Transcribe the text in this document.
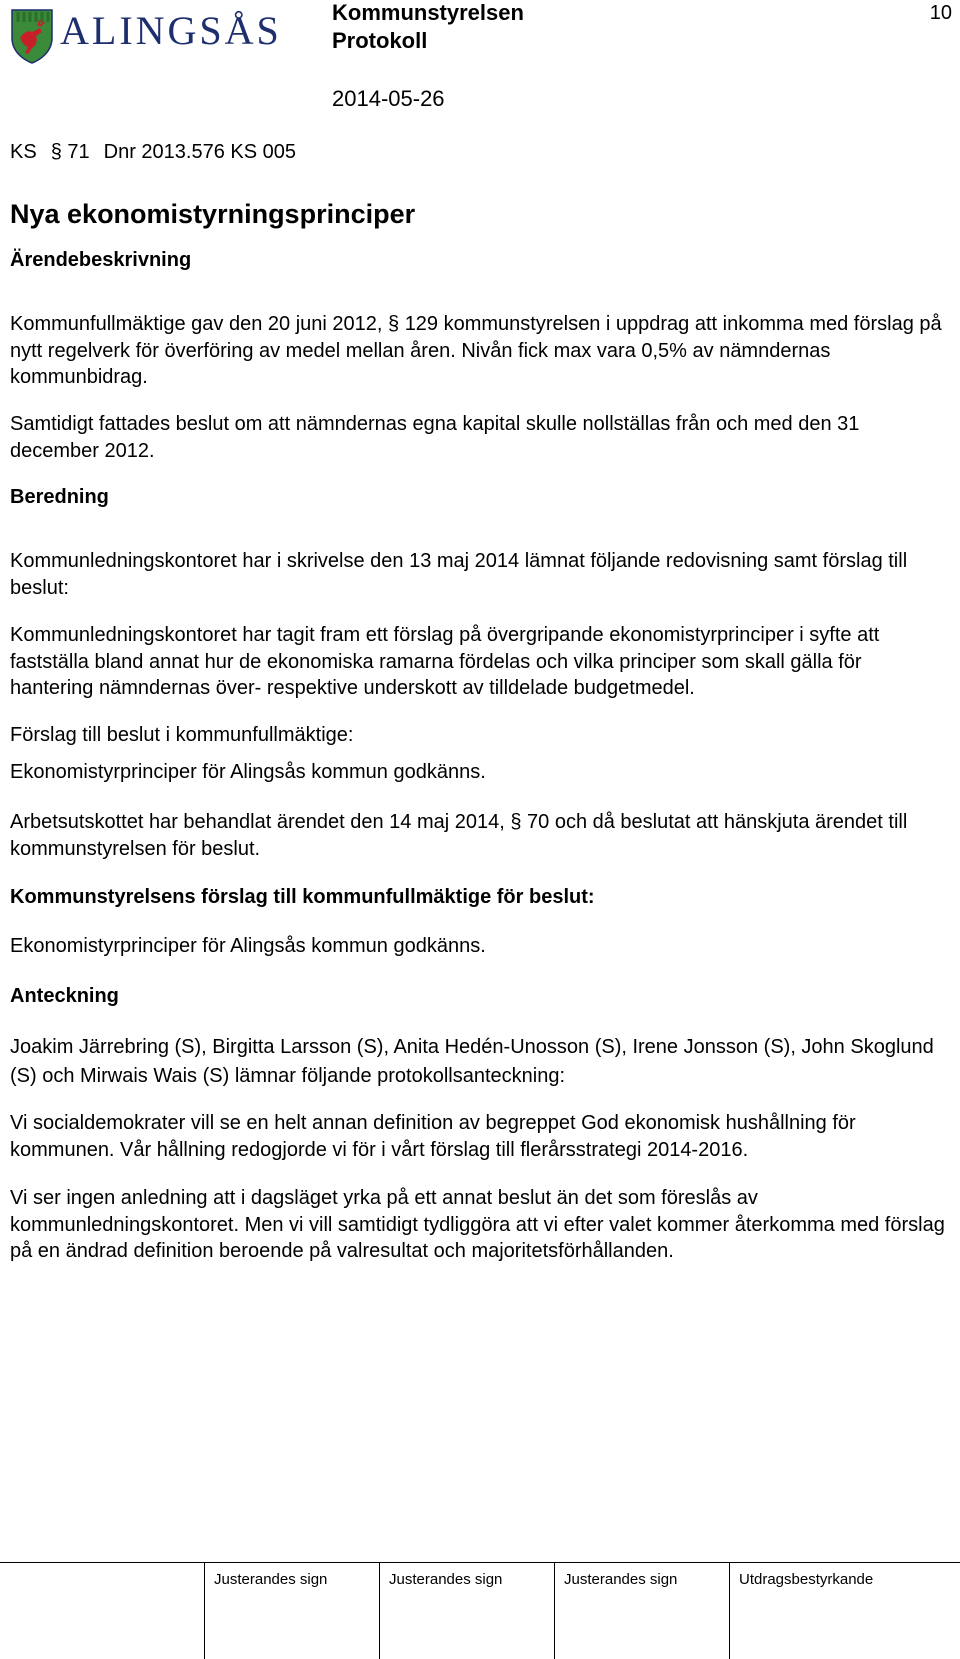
ALINGSÅS Kommunstyrelsen
Protokoll
2014-05-26
10
KS § 71 Dnr 2013.576 KS 005
Nya ekonomistyrningsprinciper
Ärendebeskrivning
Kommunfullmäktige gav den 20 juni 2012, § 129 kommunstyrelsen i uppdrag att inkomma med förslag på nytt regelverk för överföring av medel mellan åren. Nivån fick max vara 0,5% av nämndernas kommunbidrag.
Samtidigt fattades beslut om att nämndernas egna kapital skulle nollställas från och med den 31 december 2012.
Beredning
Kommunledningskontoret har i skrivelse den 13 maj 2014 lämnat följande redovisning samt förslag till beslut:
Kommunledningskontoret har tagit fram ett förslag på övergripande ekonomistyrprinciper i syfte att fastställa bland annat hur de ekonomiska ramarna fördelas och vilka principer som skall gälla för hantering nämndernas över- respektive underskott av tilldelade budgetmedel.
Förslag till beslut i kommunfullmäktige:
Ekonomistyrprinciper för Alingsås kommun godkänns.
Arbetsutskottet har behandlat ärendet den 14 maj 2014, § 70 och då beslutat att hänskjuta ärendet till kommunstyrelsen för beslut.
Kommunstyrelsens förslag till kommunfullmäktige för beslut:
Ekonomistyrprinciper för Alingsås kommun godkänns.
Anteckning
Joakim Järrebring (S), Birgitta Larsson (S), Anita Hedén-Unosson (S), Irene Jonsson (S), John Skoglund (S) och Mirwais Wais (S) lämnar följande protokollsanteckning:
Vi socialdemokrater vill se en helt annan definition av begreppet God ekonomisk hushållning för kommunen. Vår hållning redogjorde vi för i vårt förslag till flerårsstrategi 2014-2016.
Vi ser ingen anledning att i dagsläget yrka på ett annat beslut än det som föreslås av kommunledningskontoret. Men vi vill samtidigt tydliggöra att vi efter valet kommer återkomma med förslag på en ändrad definition beroende på valresultat och majoritetsförhållanden.
Justerandes sign	Justerandes sign	Justerandes sign	Utdragsbestyrkande
